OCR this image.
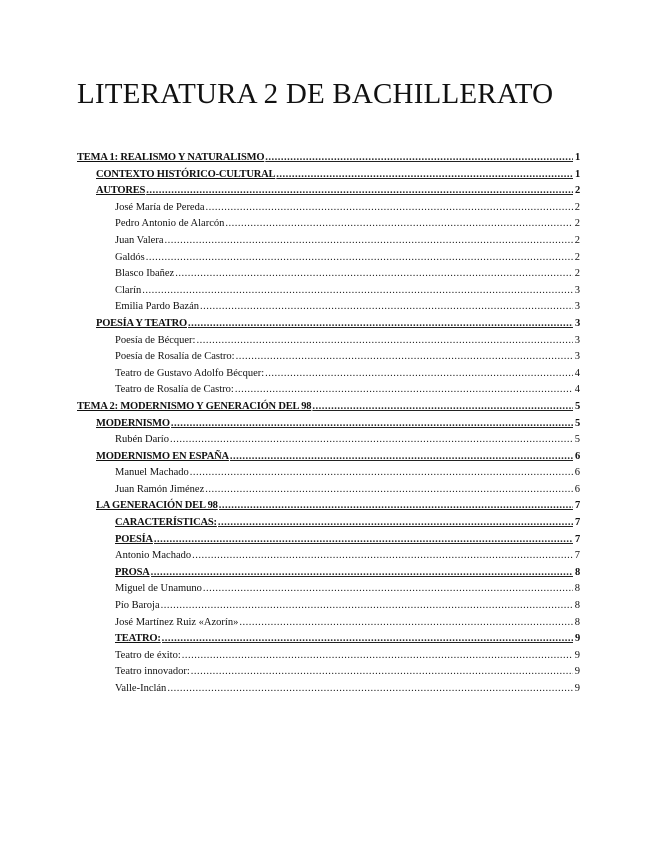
LITERATURA 2 DE BACHILLERATO
TEMA 1: REALISMO Y NATURALISMO .....	1
CONTEXTO HISTÓRICO-CULTURAL .....	1
AUTORES .....	2
José María de Pereda .....	2
Pedro Antonio de Alarcón .....	2
Juan Valera .....	2
Galdós .....	2
Blasco Ibañez .....	2
Clarín .....	3
Emilia Pardo Bazán .....	3
POESÍA Y TEATRO .....	3
Poesía de Bécquer: .....	3
Poesía de Rosalía de Castro: .....	3
Teatro de Gustavo Adolfo Bécquer: .....	4
Teatro de Rosalía de Castro: .....	4
TEMA 2: MODERNISMO Y GENERACIÓN DEL 98 .....	5
MODERNISMO .....	5
Rubén Darío .....	5
MODERNISMO EN ESPAÑA .....	6
Manuel Machado .....	6
Juan Ramón Jiménez .....	6
LA GENERACIÓN DEL 98 .....	7
CARACTERÍSTICAS: .....	7
POESÍA .....	7
Antonio Machado .....	7
PROSA .....	8
Miguel de Unamuno .....	8
Pío Baroja .....	8
José Martínez Ruiz «Azorín» .....	8
TEATRO: .....	9
Teatro de éxito: .....	9
Teatro innovador: .....	9
Valle-Inclán .....	9
